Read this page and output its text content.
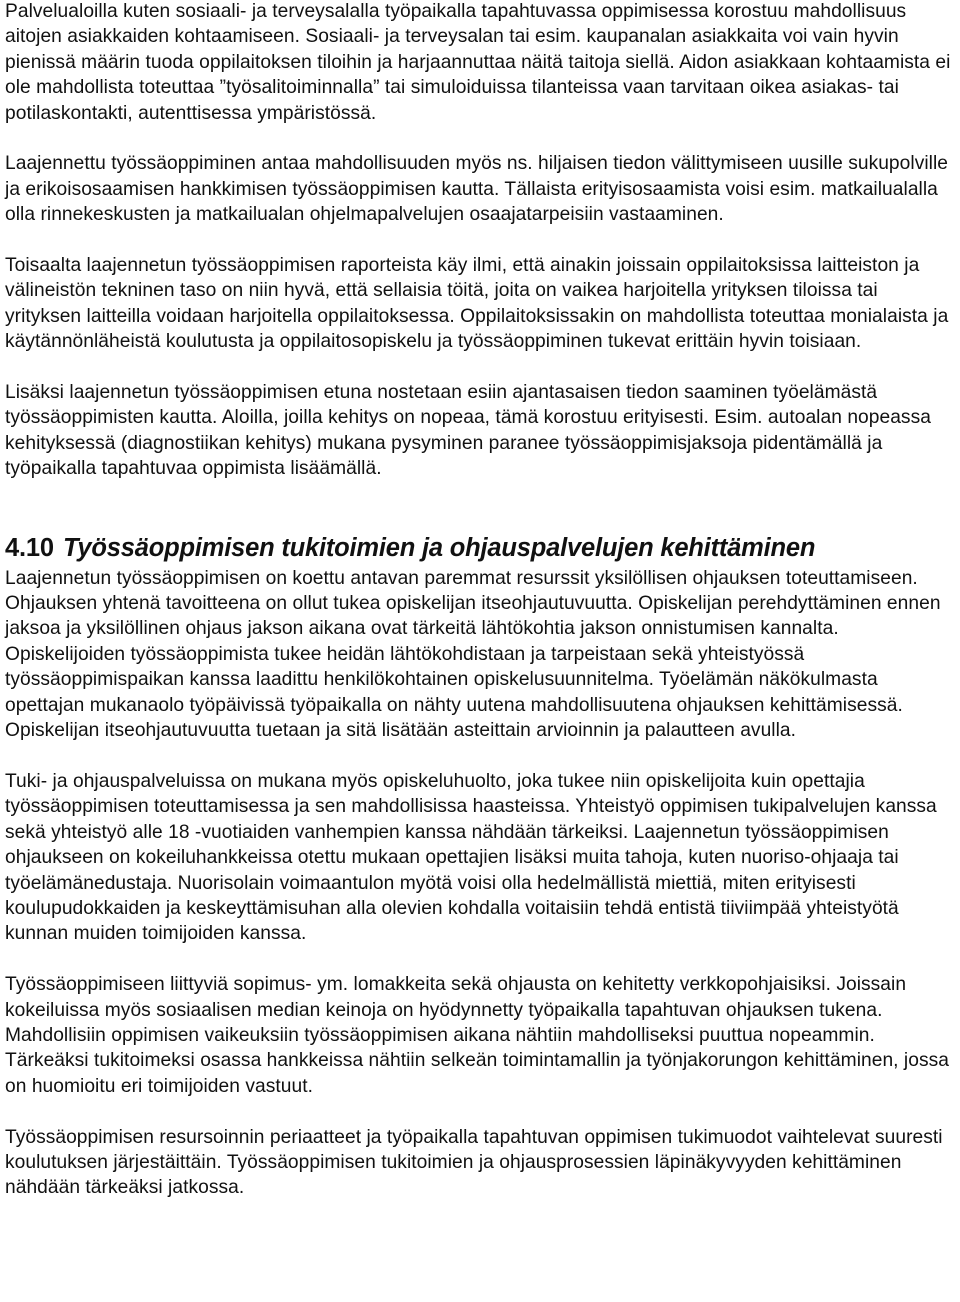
Palvelualoilla kuten sosiaali- ja terveysalalla työpaikalla tapahtuvassa oppimisessa korostuu mahdollisuus aitojen asiakkaiden kohtaamiseen. Sosiaali- ja terveysalan tai esim. kaupanalan asiakkaita voi vain hyvin pienissä määrin tuoda oppilaitoksen tiloihin ja harjaannuttaa näitä taitoja siellä. Aidon asiakkaan kohtaamista ei ole mahdollista toteuttaa ”työsalitoiminnalla” tai simuloiduissa tilanteissa vaan tarvitaan oikea asiakas- tai potilaskontakti, autenttisessa ympäristössä.

Laajennettu työssäoppiminen antaa mahdollisuuden myös ns. hiljaisen tiedon välittymiseen uusille sukupolville ja erikoisosaamisen hankkimisen työssäoppimisen kautta. Tällaista erityisosaamista voisi esim. matkailualalla olla rinnekeskusten ja matkailualan ohjelmapalvelujen osaajatarpeisiin vastaaminen.

Toisaalta laajennetun työssäoppimisen raporteista käy ilmi, että ainakin joissain oppilaitoksissa laitteiston ja välineistön tekninen taso on niin hyvä, että sellaisia töitä, joita on vaikea harjoitella yrityksen tiloissa tai yrityksen laitteilla voidaan harjoitella oppilaitoksessa. Oppilaitoksissakin on mahdollista toteuttaa monialaista ja käytännönläheistä koulutusta ja oppilaitosopiskelu ja työssäoppiminen tukevat erittäin hyvin toisiaan.

Lisäksi laajennetun työssäoppimisen etuna nostetaan esiin ajantasaisen tiedon saaminen työelämästä työssäoppimisten kautta. Aloilla, joilla kehitys on nopeaa, tämä korostuu erityisesti. Esim. autoalan nopeassa kehityksessä (diagnostiikan kehitys) mukana pysyminen paranee työssäoppimisjaksoja pidentämällä ja työpaikalla tapahtuvaa oppimista lisäämällä.

4.10 Työssäoppimisen tukitoimien ja ohjauspalvelujen kehittäminen

Laajennetun työssäoppimisen on koettu antavan paremmat resurssit yksilöllisen ohjauksen toteuttamiseen. Ohjauksen yhtenä tavoitteena on ollut tukea opiskelijan itseohjautuvuutta. Opiskelijan perehdyttäminen ennen jaksoa ja yksilöllinen ohjaus jakson aikana ovat tärkeitä lähtökohtia jakson onnistumisen kannalta. Opiskelijoiden työssäoppimista tukee heidän lähtökohdistaan ja tarpeistaan sekä yhteistyössä työssäoppimispaikan kanssa laadittu henkilökohtainen opiskelusuunnitelma. Työelämän näkökulmasta opettajan mukanaolo työpäivissä työpaikalla on nähty uutena mahdollisuutena ohjauksen kehittämisessä. Opiskelijan itseohjautuvuutta tuetaan ja sitä lisätään asteittain arvioinnin ja palautteen avulla.

Tuki- ja ohjauspalveluissa on mukana myös opiskeluhuolto, joka tukee niin opiskelijoita kuin opettajia työssäoppimisen toteuttamisessa ja sen mahdollisissa haasteissa. Yhteistyö oppimisen tukipalvelujen kanssa sekä yhteistyö alle 18 -vuotiaiden vanhempien kanssa nähdään tärkeiksi. Laajennetun työssäoppimisen ohjaukseen on kokeiluhankkeissa otettu mukaan opettajien lisäksi muita tahoja, kuten nuoriso-ohjaaja tai työelämänedustaja. Nuorisolain voimaantulon myötä voisi olla hedelmällistä miettiä, miten erityisesti koulupudokkaiden ja keskeyttämisuhan alla olevien kohdalla voitaisiin tehdä entistä tiiviimpää yhteistyötä kunnan muiden toimijoiden kanssa.

Työssäoppimiseen liittyviä sopimus- ym. lomakkeita sekä ohjausta on kehitetty verkkopohjaisiksi. Joissain kokeiluissa myös sosiaalisen median keinoja on hyödynnetty työpaikalla tapahtuvan ohjauksen tukena. Mahdollisiin oppimisen vaikeuksiin työssäoppimisen aikana nähtiin mahdolliseksi puuttua nopeammin. Tärkeäksi tukitoimeksi osassa hankkeissa nähtiin selkeän toimintamallin ja työnjakorungon kehittäminen, jossa on huomioitu eri toimijoiden vastuut.

Työssäoppimisen resursoinnin periaatteet ja työpaikalla tapahtuvan oppimisen tukimuodot vaihtelevat suuresti koulutuksen järjestäittäin. Työssäoppimisen tukitoimien ja ohjausprosessien läpinäkyvyyden kehittäminen nähdään tärkeäksi jatkossa.
